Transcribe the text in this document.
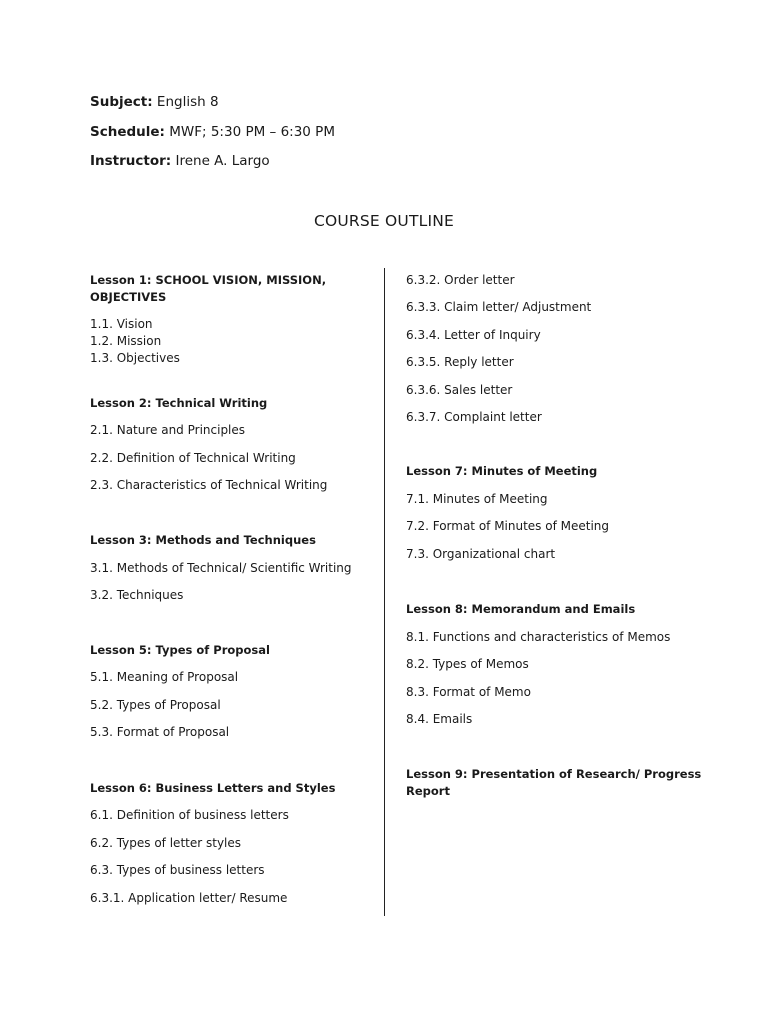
Subject: English 8
Schedule: MWF; 5:30 PM – 6:30 PM
Instructor: Irene A. Largo
COURSE OUTLINE
Lesson 1: SCHOOL VISION, MISSION,
OBJECTIVES
1.1. Vision
1.2. Mission
1.3. Objectives
Lesson 2: Technical Writing
2.1. Nature and Principles
2.2. Definition of Technical Writing
2.3. Characteristics of Technical Writing
Lesson 3: Methods and Techniques
3.1. Methods of Technical/ Scientific Writing
3.2. Techniques
Lesson 5: Types of Proposal
5.1. Meaning of Proposal
5.2. Types of Proposal
5.3. Format of Proposal
Lesson 6: Business Letters and Styles
6.1. Definition of business letters
6.2. Types of letter styles
6.3. Types of business letters
6.3.1. Application letter/ Resume
6.3.2. Order letter
6.3.3. Claim letter/ Adjustment
6.3.4. Letter of Inquiry
6.3.5. Reply letter
6.3.6. Sales letter
6.3.7. Complaint letter
Lesson 7: Minutes of Meeting
7.1. Minutes of Meeting
7.2. Format of Minutes of Meeting
7.3. Organizational chart
Lesson 8: Memorandum and Emails
8.1. Functions and characteristics of Memos
8.2. Types of Memos
8.3. Format of Memo
8.4. Emails
Lesson 9: Presentation of Research/ Progress
Report
